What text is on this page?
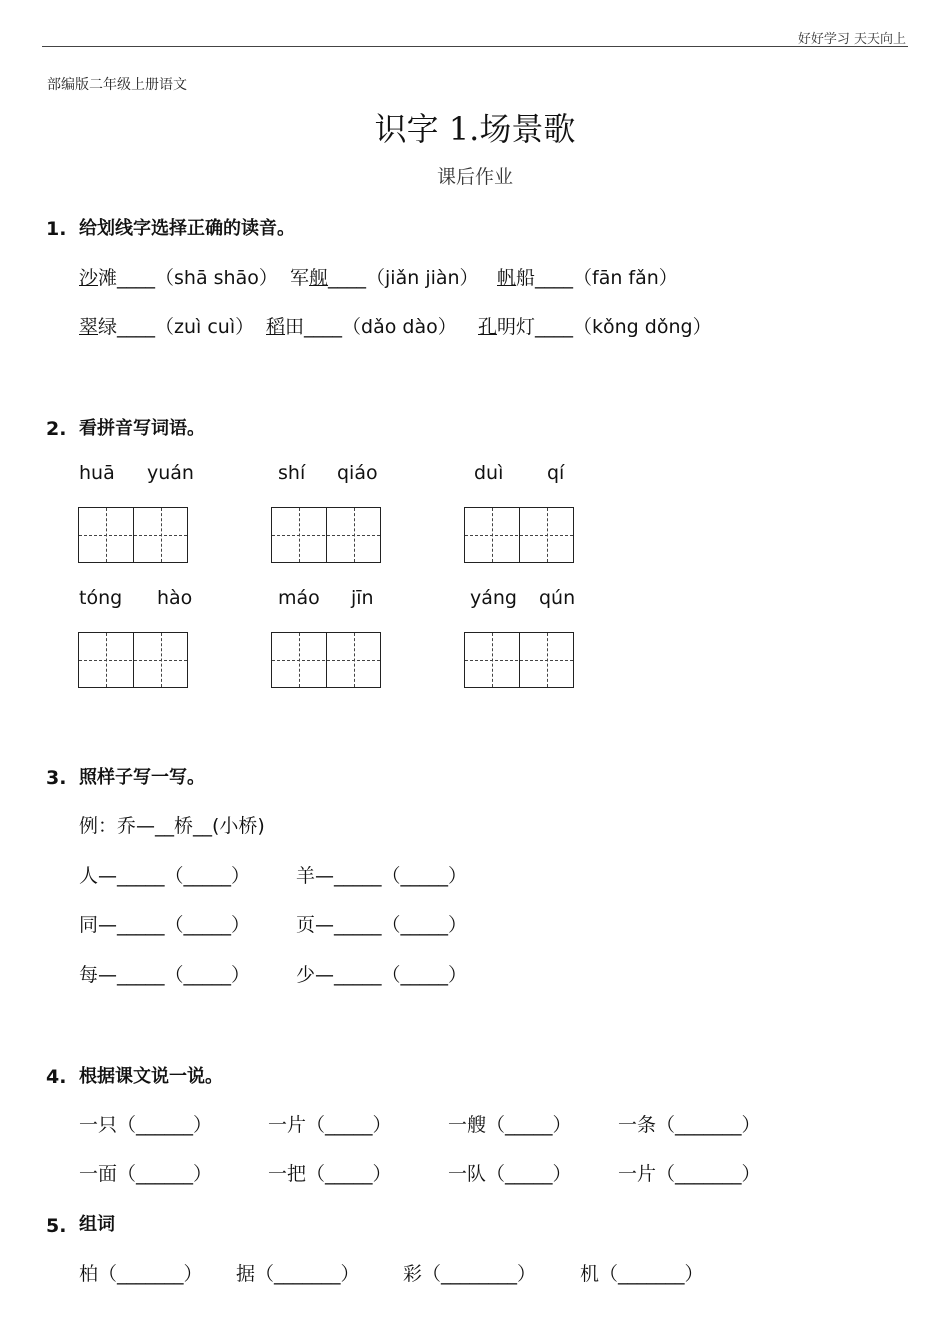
好好学习 天天向上
部编版二年级上册语文
识字 1.场景歌
课后作业
1. 给划线字选择正确的读音。
沙滩____（shā shāo） 军舰____（jiǎn jiàn） 帆船____（fān fǎn）
翠绿____（zuì cuì） 稻田____（dǎo dào） 孔明灯____（kǒng dǒng）
2. 看拼音写词语。
huā yuán	shí qiáo	duì qí
tóng hào	máo jīn	yáng qún
3. 照样子写一写。
例：乔—__桥__(小桥)
人—_____（_____） 羊—_____（_____）
同—_____（_____） 页—_____（_____）
每—_____（_____） 少—_____（_____）
4. 根据课文说一说。
一只（______）	一片（_____）	一艘（_____） 一条（_______）
一面（______）	一把（_____）	一队（_____） 一片（_______）
5. 组词
柏（_______） 据（_______） 彩（________） 机（_______）
